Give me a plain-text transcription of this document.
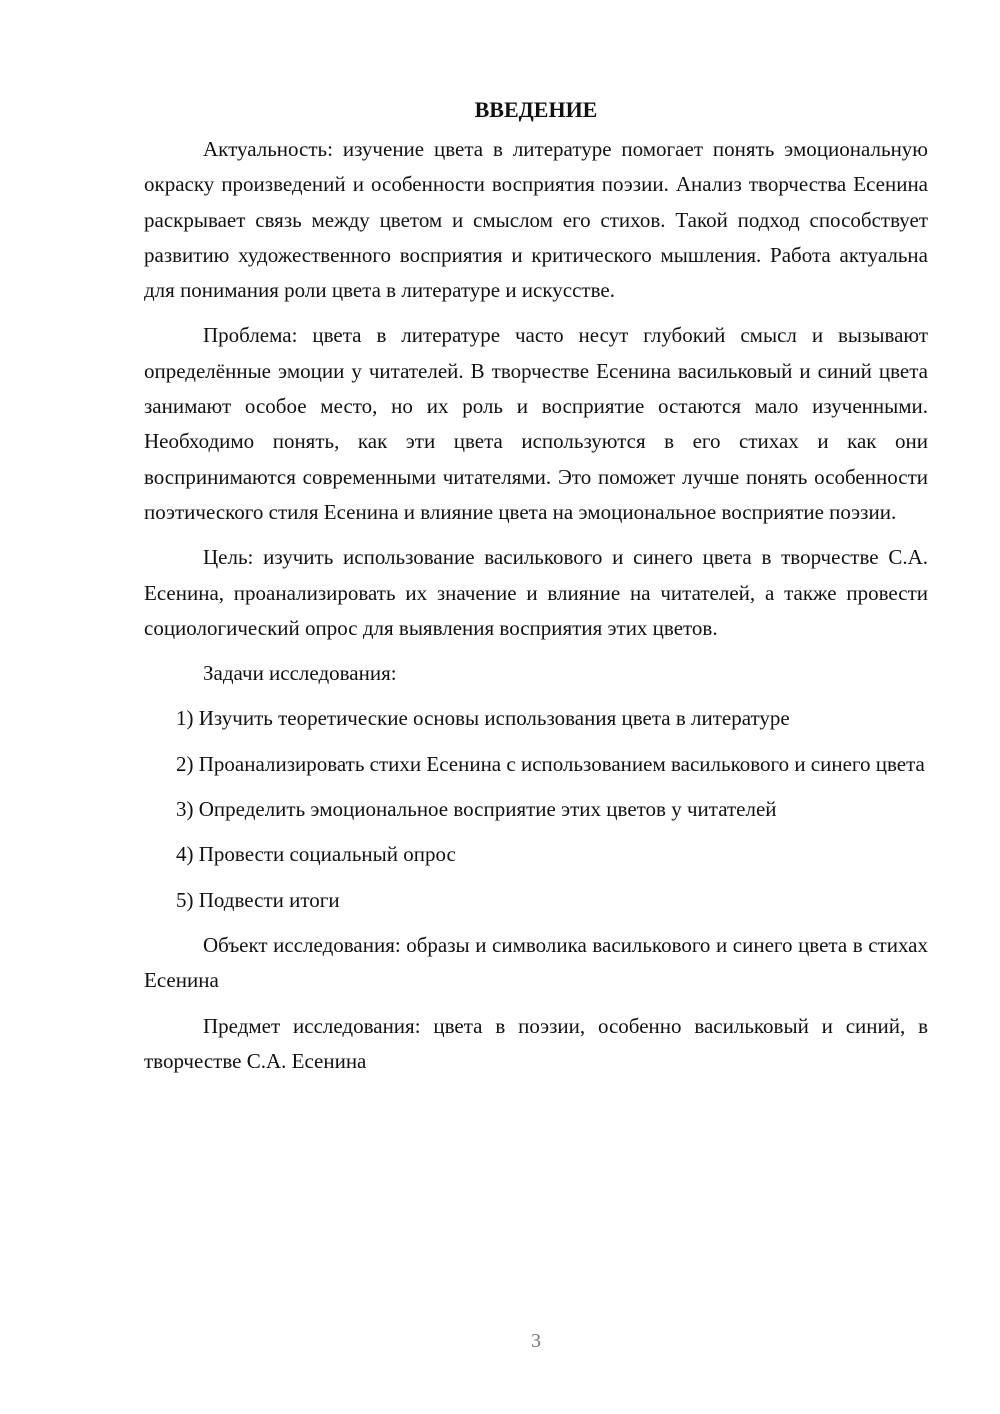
ВВЕДЕНИЕ

Актуальность: изучение цвета в литературе помогает понять эмоциональную окраску произведений и особенности восприятия поэзии. Анализ творчества Есенина раскрывает связь между цветом и смыслом его стихов. Такой подход способствует развитию художественного восприятия и критического мышления. Работа актуальна для понимания роли цвета в литературе и искусстве.

Проблема: цвета в литературе часто несут глубокий смысл и вызывают определённые эмоции у читателей. В творчестве Есенина васильковый и синий цвета занимают особое место, но их роль и восприятие остаются мало изученными. Необходимо понять, как эти цвета используются в его стихах и как они воспринимаются современными читателями. Это поможет лучше понять особенности поэтического стиля Есенина и влияние цвета на эмоциональное восприятие поэзии.

Цель: изучить использование василькового и синего цвета в творчестве С.А. Есенина, проанализировать их значение и влияние на читателей, а также провести социологический опрос для выявления восприятия этих цветов.

Задачи исследования:

1) Изучить теоретические основы использования цвета в литературе

2) Проанализировать стихи Есенина с использованием василькового и синего цвета

3) Определить эмоциональное восприятие этих цветов у читателей

4) Провести социальный опрос

5) Подвести итоги

Объект исследования: образы и символика василькового и синего цвета в стихах Есенина

Предмет исследования: цвета в поэзии, особенно васильковый и синий, в творчестве С.А. Есенина

3
